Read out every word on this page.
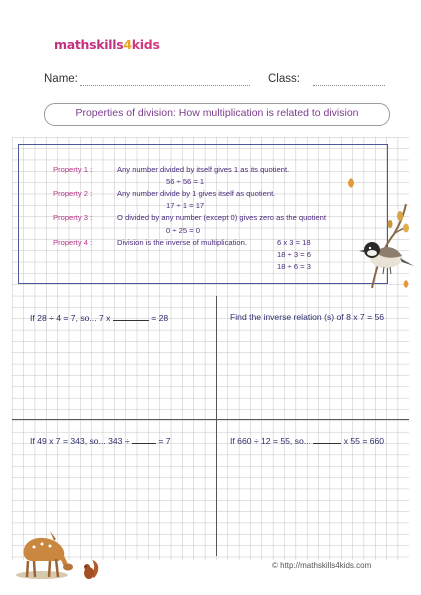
mathskills4kids
Name:	Class:
Properties of division: How multiplication is related to division
Property 1 :	Any number divided by itself gives 1 as its quotient.
56 ÷ 56 = 1
Property 2 :	Any number divide by 1 gives itself as quotient.
17 ÷ 1 = 17
Property 3 :	O divided by any number (except 0) gives zero as the quotient
0 ÷ 25 = 0
Property 4 :	Division is the inverse of multiplication.	6 x 3 = 18
18 ÷ 3 = 6
18 ÷ 6 = 3
If 28 ÷ 4 = 7, so... 7 x	= 28	Find the inverse relation (s) of 8 x 7 = 56
If 49 x 7 = 343, so... 343 ÷	= 7	If 660 ÷ 12 = 55, so...	x 55 = 660
© http://mathskills4kids.com
